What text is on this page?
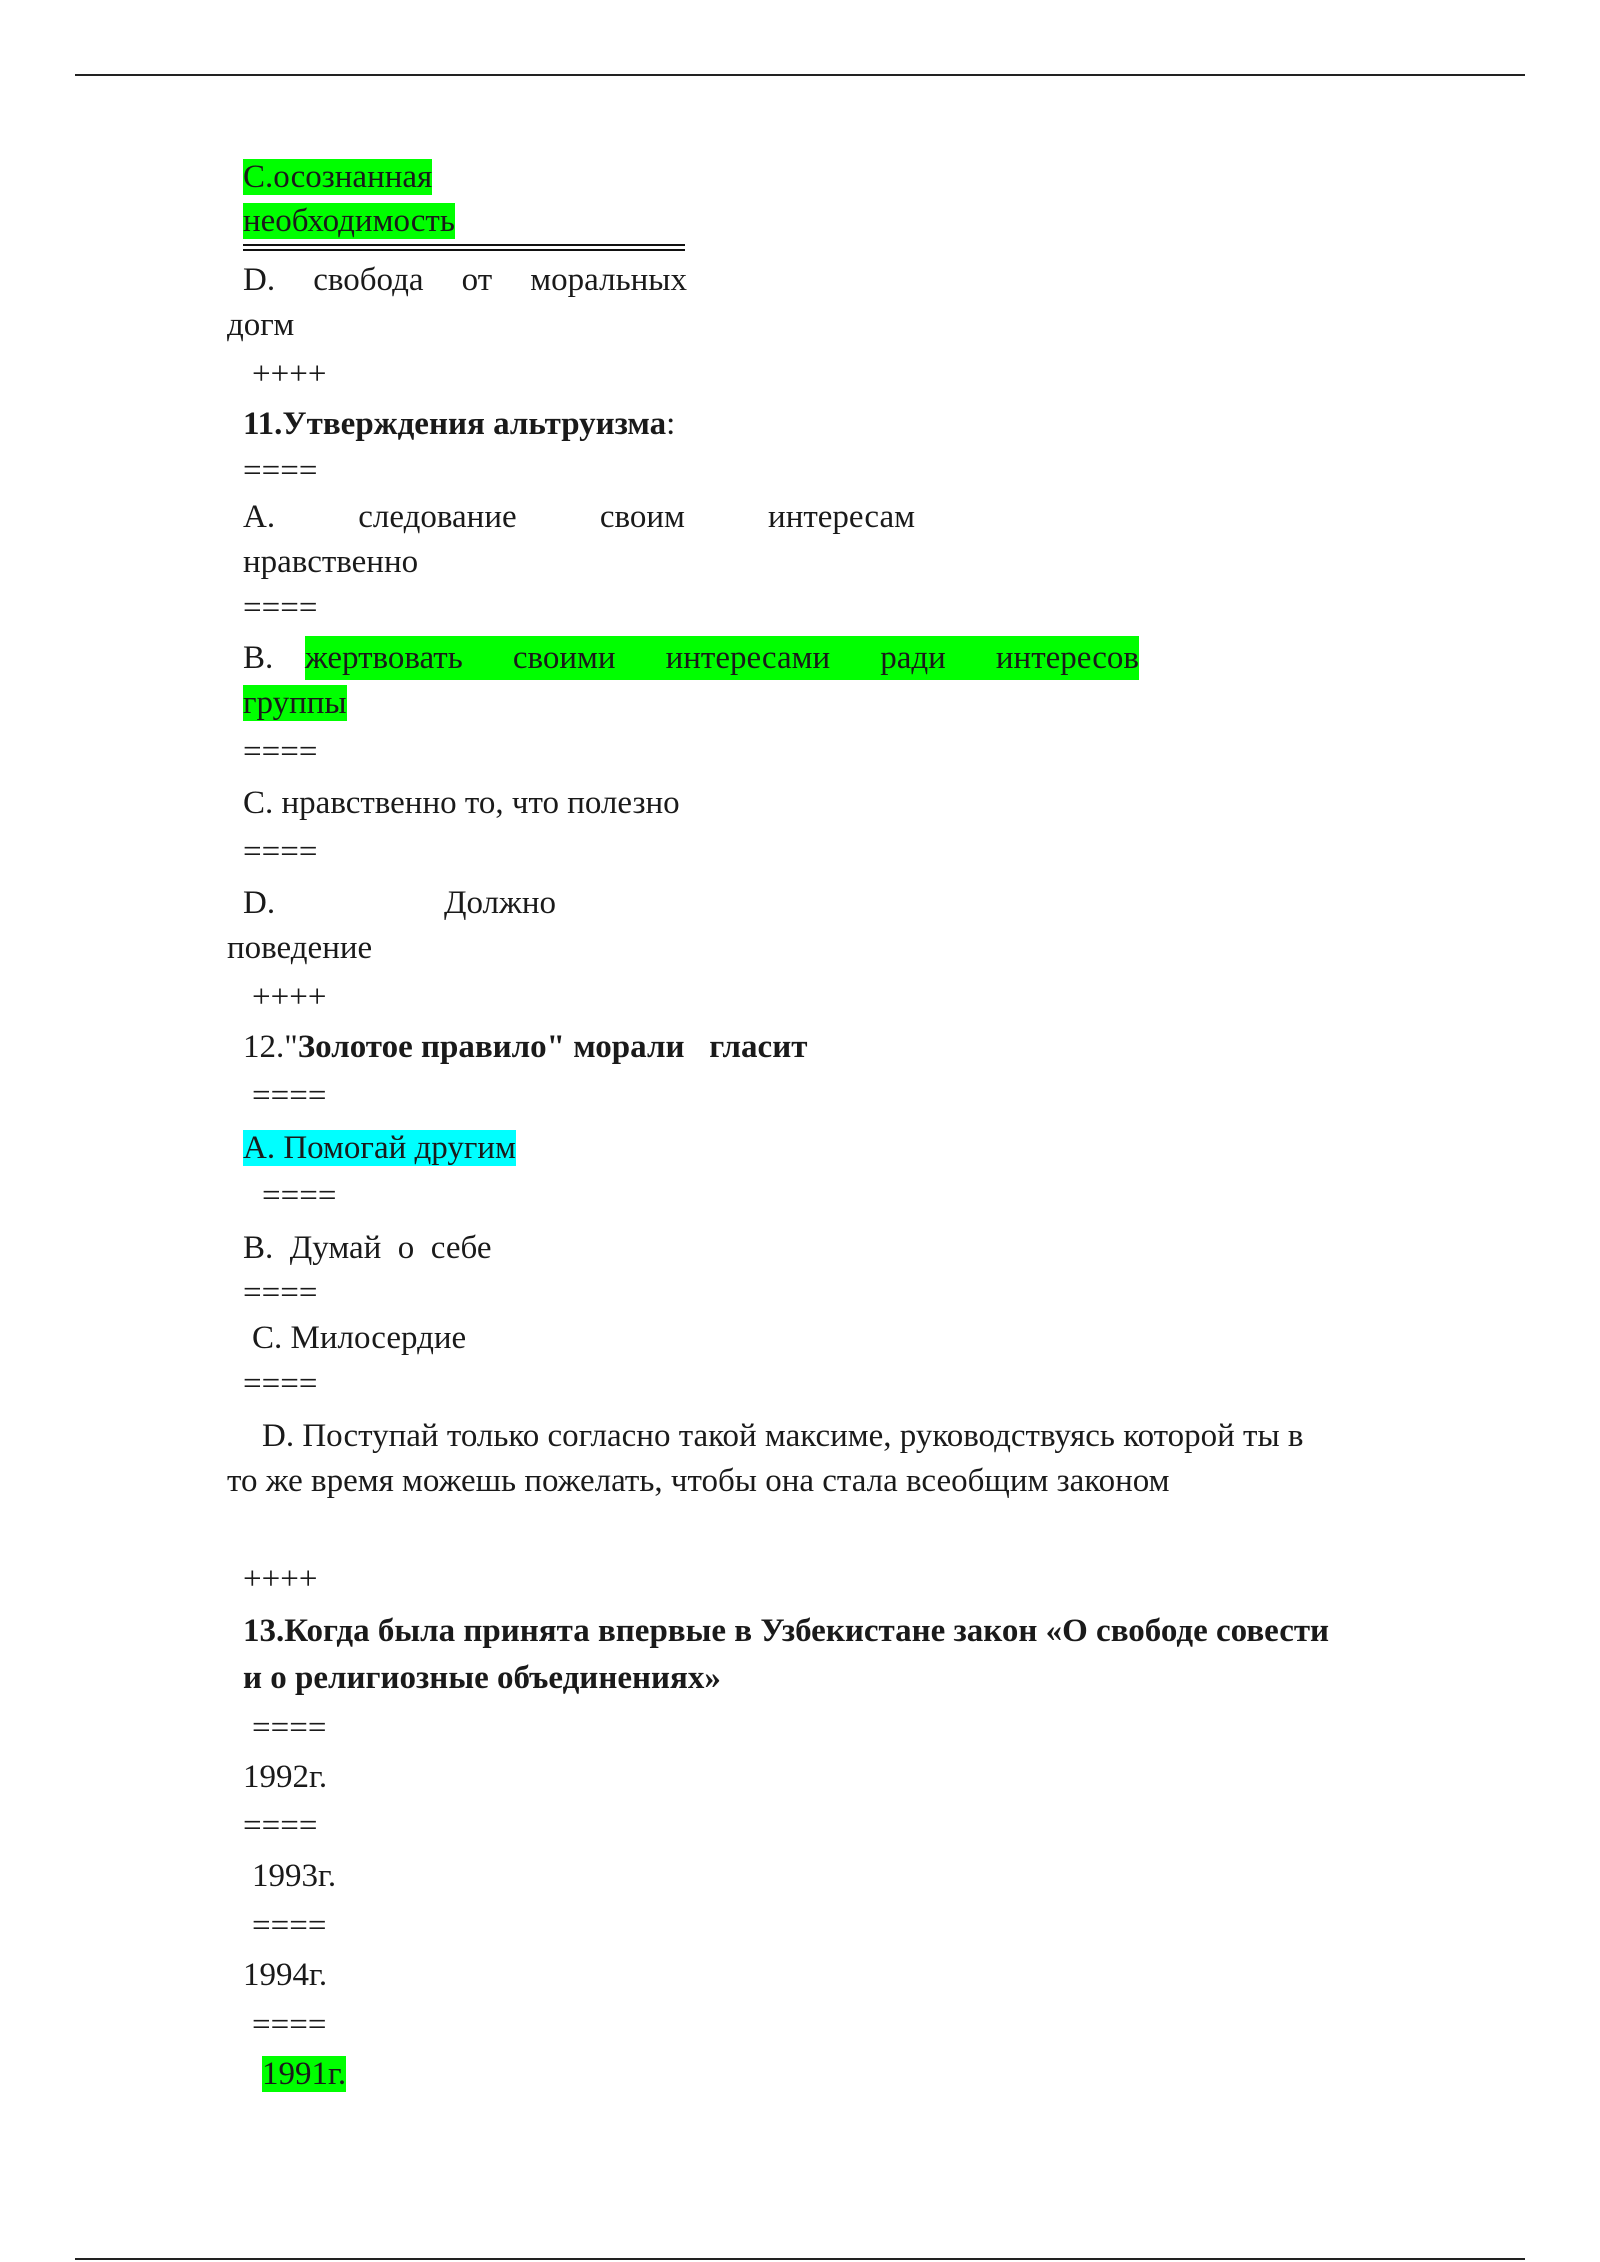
C.осознанная
необходимость
D. свобода от моральных
догм
++++
11.Утверждения альтруизма:
====
A.	следование	своим	интересам
нравственно
====
B. жертвовать своими интересами ради интересов
группы
====
C. нравственно то, что полезно
====
D.	Должно
поведение
++++
12."Золотое правило" морали   гласит
====
A. Помогай другим
====
B.  Думай  о  себе
====
C. Милосердие
====
D. Поступай только согласно такой максиме, руководствуясь которой ты в
то же время можешь пожелать, чтобы она стала всеобщим законом
++++
13.Когда была принята впервые в Узбекистане закон «О свободе совести
и о религиозные объединениях»
====
1992г.
====
1993г.
====
1994г.
====
1991г.
